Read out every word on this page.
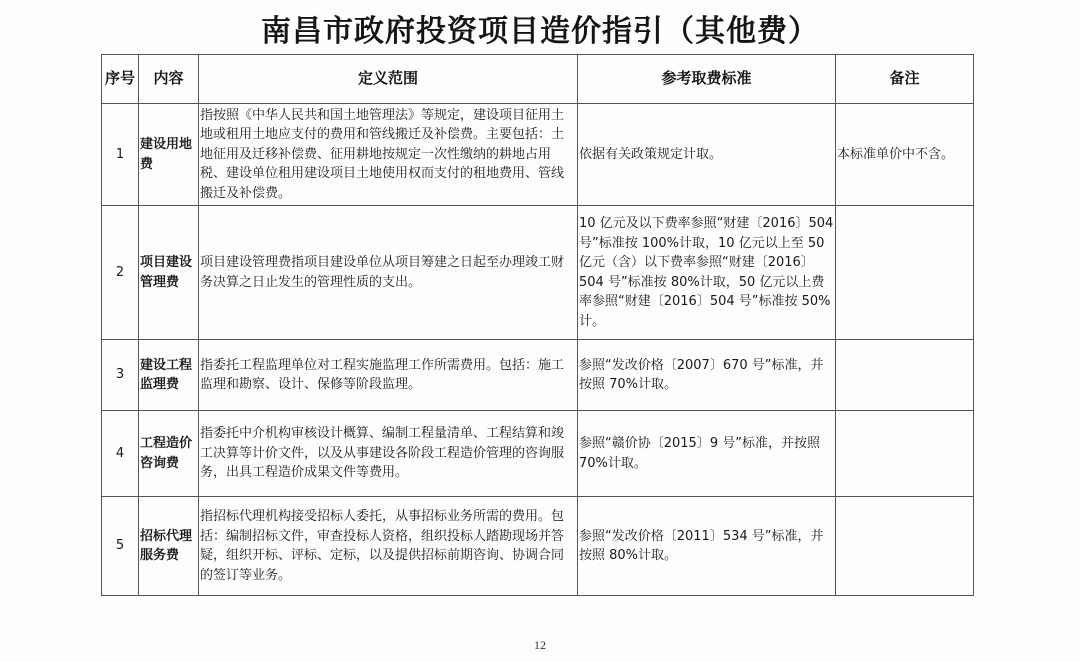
南昌市政府投资项目造价指引（其他费）
序号	内容	定义范围	参考取费标准	备注
1	建设用地费	指按照《中华人民共和国土地管理法》等规定，建设项目征用土地或租用土地应支付的费用和管线搬迁及补偿费。主要包括：土地征用及迁移补偿费、征用耕地按规定一次性缴纳的耕地占用税、建设单位租用建设项目土地使用权而支付的租地费用、管线搬迁及补偿费。	依据有关政策规定计取。	本标准单价中不含。
2	项目建设管理费	项目建设管理费指项目建设单位从项目筹建之日起至办理竣工财务决算之日止发生的管理性质的支出。	10 亿元及以下费率参照“财建〔2016〕504 号”标准按 100%计取，10 亿元以上至 50 亿元（含）以下费率参照“财建〔2016〕504 号”标准按 80%计取，50 亿元以上费率参照“财建〔2016〕504 号”标准按 50%计。	
3	建设工程监理费	指委托工程监理单位对工程实施监理工作所需费用。包括：施工监理和勘察、设计、保修等阶段监理。	参照“发改价格〔2007〕670 号”标准，并按照 70%计取。	
4	工程造价咨询费	指委托中介机构审核设计概算、编制工程量清单、工程结算和竣工决算等计价文件，以及从事建设各阶段工程造价管理的咨询服务，出具工程造价成果文件等费用。	参照“赣价协〔2015〕9 号”标准，并按照 70%计取。	
5	招标代理服务费	指招标代理机构接受招标人委托，从事招标业务所需的费用。包括：编制招标文件，审查投标人资格，组织投标人踏勘现场并答疑，组织开标、评标、定标，以及提供招标前期咨询、协调合同的签订等业务。	参照“发改价格〔2011〕534 号”标准，并按照 80%计取。	
12
